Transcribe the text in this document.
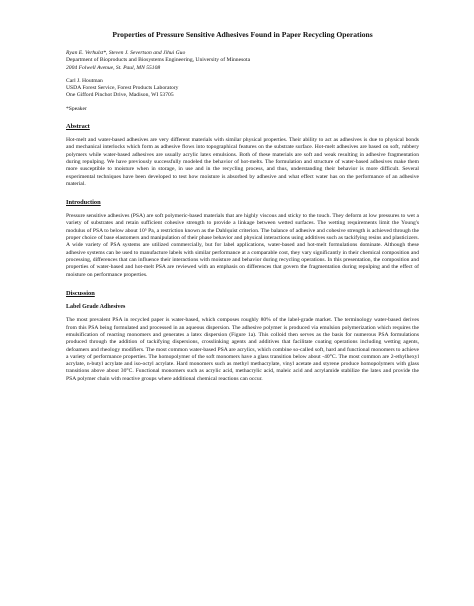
Properties of Pressure Sensitive Adhesives Found in Paper Recycling Operations
Ryan E. Verhulst*, Steven J. Severtson and Jihui Guo
Department of Bioproducts and Biosystems Engineering, University of Minnesota
2004 Folwell Avenue, St. Paul, MN 55108
Carl J. Houtman
USDA Forest Service, Forest Products Laboratory
One Gifford Pinchot Drive, Madison, WI 53705
*Speaker
Abstract

Hot-melt and water-based adhesives are very different materials with similar physical properties. Their ability to act as adhesives is due to physical bonds and mechanical interlocks which form as adhesive flows into topographical features on the substrate surface. Hot-melt adhesives are based on soft, rubbery polymers while water-based adhesives are usually acrylic latex emulsions. Both of these materials are soft and weak resulting in adhesive fragmentation during repulping. We have previously successfully modeled the behavior of hot-melts. The formulation and structure of water-based adhesives make them more susceptible to moisture when in storage, in use and in the recycling process, and thus, understanding their behavior is more difficult. Several experimental techniques have been developed to test how moisture is absorbed by adhesive and what effect water has on the performance of an adhesive material.

Introduction

Pressure sensitive adhesives (PSA) are soft polymeric-based materials that are highly viscous and sticky to the touch. They deform at low pressures to wet a variety of substrates and retain sufficient cohesive strength to provide a linkage between wetted surfaces. The wetting requirements limit the Young's modulus of PSA to below about 10⁵ Pa, a restriction known as the Dahlquist criterion. The balance of adhesive and cohesive strength is achieved through the proper choice of base elastomers and manipulation of their phase behavior and physical interactions using additives such as tackifying resins and plasticizers. A wide variety of PSA systems are utilized commercially, but for label applications, water-based and hot-melt formulations dominate. Although these adhesive systems can be used to manufacture labels with similar performance at a comparable cost, they vary significantly in their chemical composition and processing, differences that can influence their interactions with moisture and behavior during recycling operations. In this presentation, the composition and properties of water-based and hot-melt PSA are reviewed with an emphasis on differences that govern the fragmentation during repulping and the effect of moisture on performance properties.

Discussion
Label Grade Adhesives

The most prevalent PSA in recycled paper is water-based, which composes roughly 80% of the label-grade market. The terminology water-based derives from this PSA being formulated and processed in an aqueous dispersion. The adhesive polymer is produced via emulsion polymerization which requires the emulsification of reacting monomers and generates a latex dispersion (Figure 1a). This colloid then serves as the basis for numerous PSA formulations produced through the addition of tackifying dispersions, crosslinking agents and additives that facilitate coating operations including wetting agents, defoamers and rheology modifiers. The most common water-based PSA are acrylics, which combine so-called soft, hard and functional monomers to achieve a variety of performance properties. The homopolymer of the soft monomers have a glass transition below about -40°C. The most common are 2-ethylhexyl acrylate, n-butyl acrylate and iso-octyl acrylate. Hard monomers such as methyl methacrylate, vinyl acetate and styrene produce homopolymers with glass transitions above about 30°C. Functional monomers such as acrylic acid, methacrylic acid, maleic acid and acrylamide stabilize the latex and provide the PSA polymer chain with reactive groups where additional chemical reactions can occur.
